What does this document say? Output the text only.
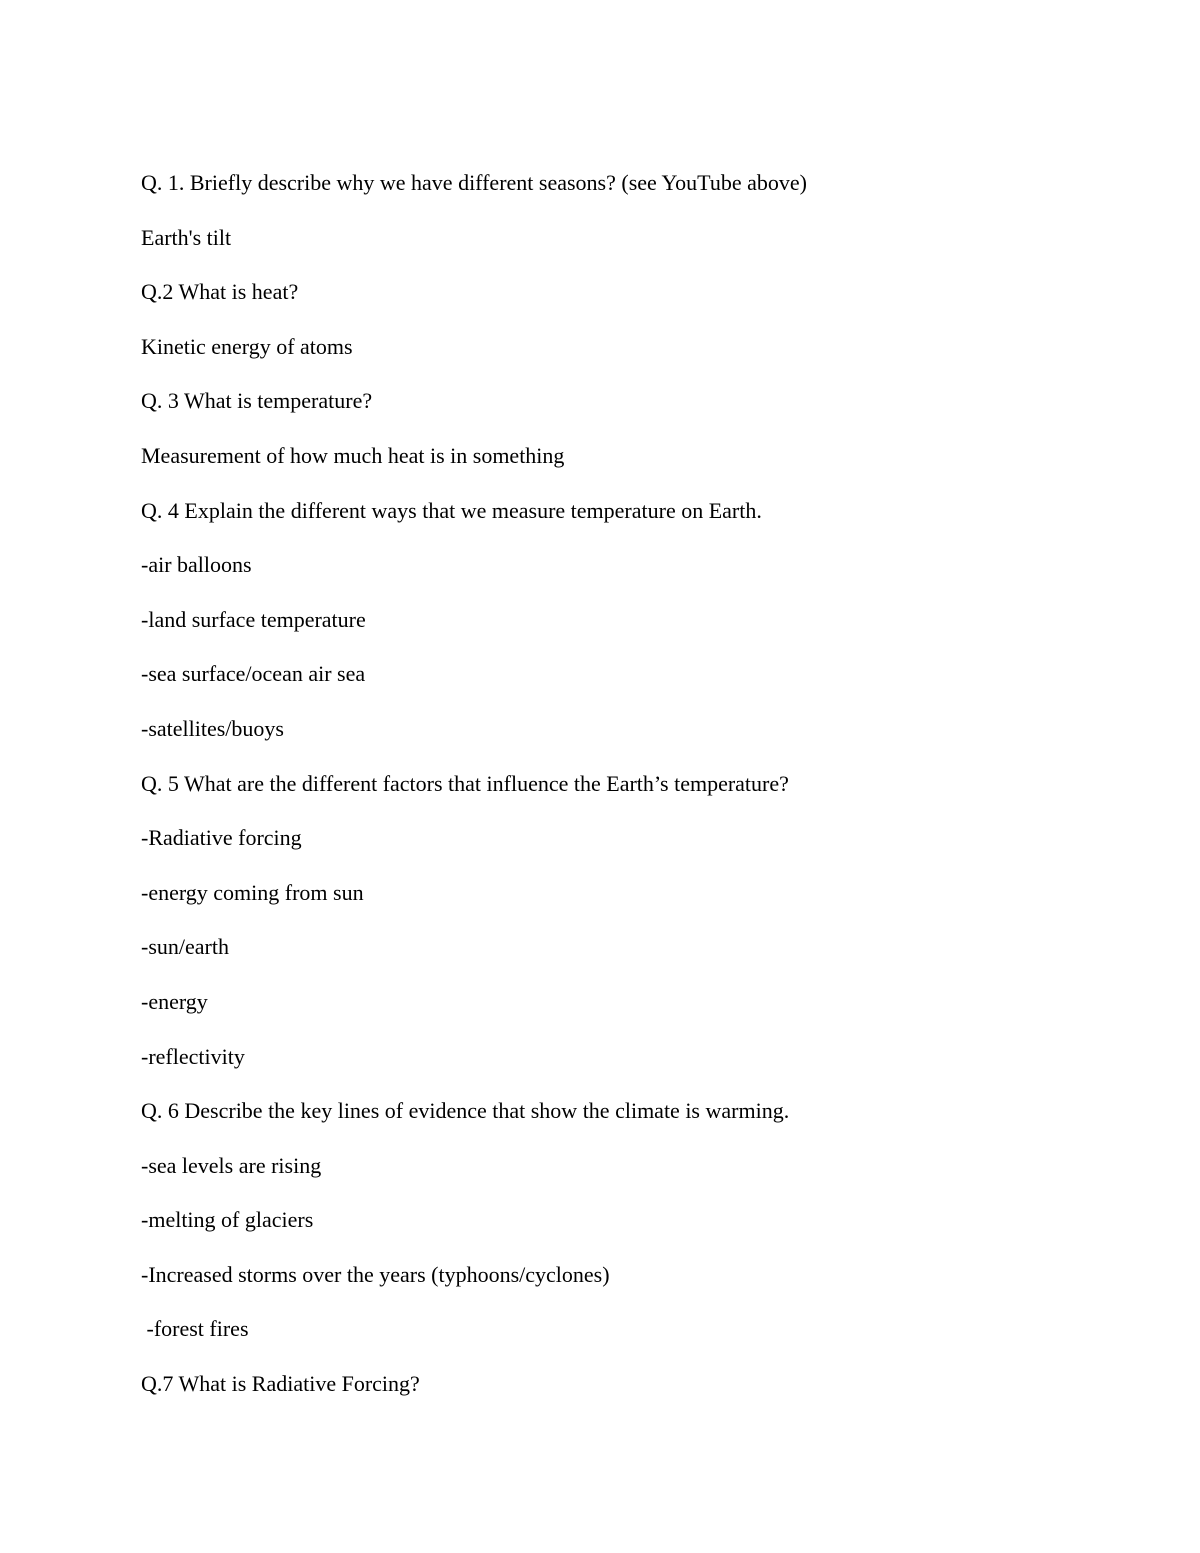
Q. 1. Briefly describe why we have different seasons? (see YouTube above)

Earth's tilt

Q.2 What is heat?

Kinetic energy of atoms

Q. 3 What is temperature?

Measurement of how much heat is in something

Q. 4 Explain the different ways that we measure temperature on Earth.

-air balloons

-land surface temperature

-sea surface/ocean air sea

-satellites/buoys

Q. 5 What are the different factors that influence the Earth’s temperature?

-Radiative forcing

-energy coming from sun

-sun/earth

-energy

-reflectivity

Q. 6 Describe the key lines of evidence that show the climate is warming.

-sea levels are rising

-melting of glaciers

-Increased storms over the years (typhoons/cyclones)

-forest fires

Q.7 What is Radiative Forcing?
